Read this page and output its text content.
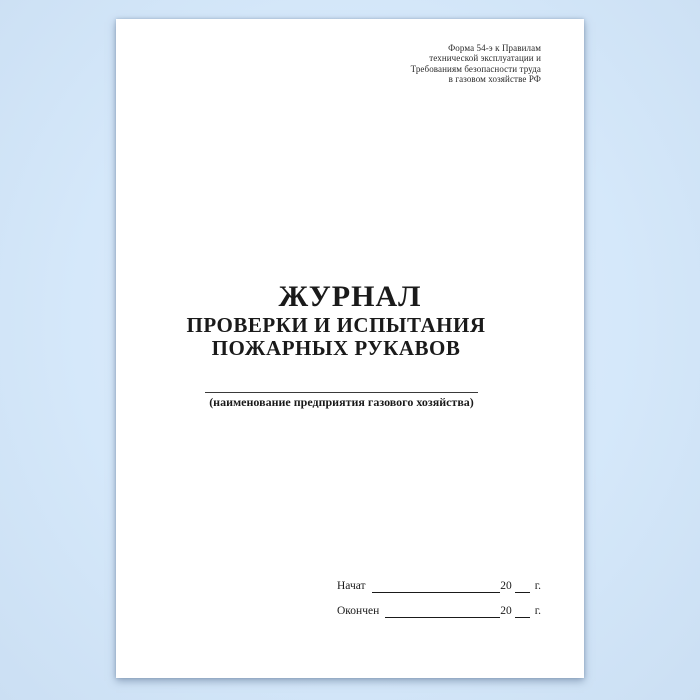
Форма 54-э к Правилам
технической эксплуатации и
Требованиям безопасности труда
в газовом хозяйстве РФ
ЖУРНАЛ
ПРОВЕРКИ И ИСПЫТАНИЯ
ПОЖАРНЫХ РУКАВОВ
(наименование предприятия газового хозяйства)
Начат	20 г.
Окончен	20 г.
